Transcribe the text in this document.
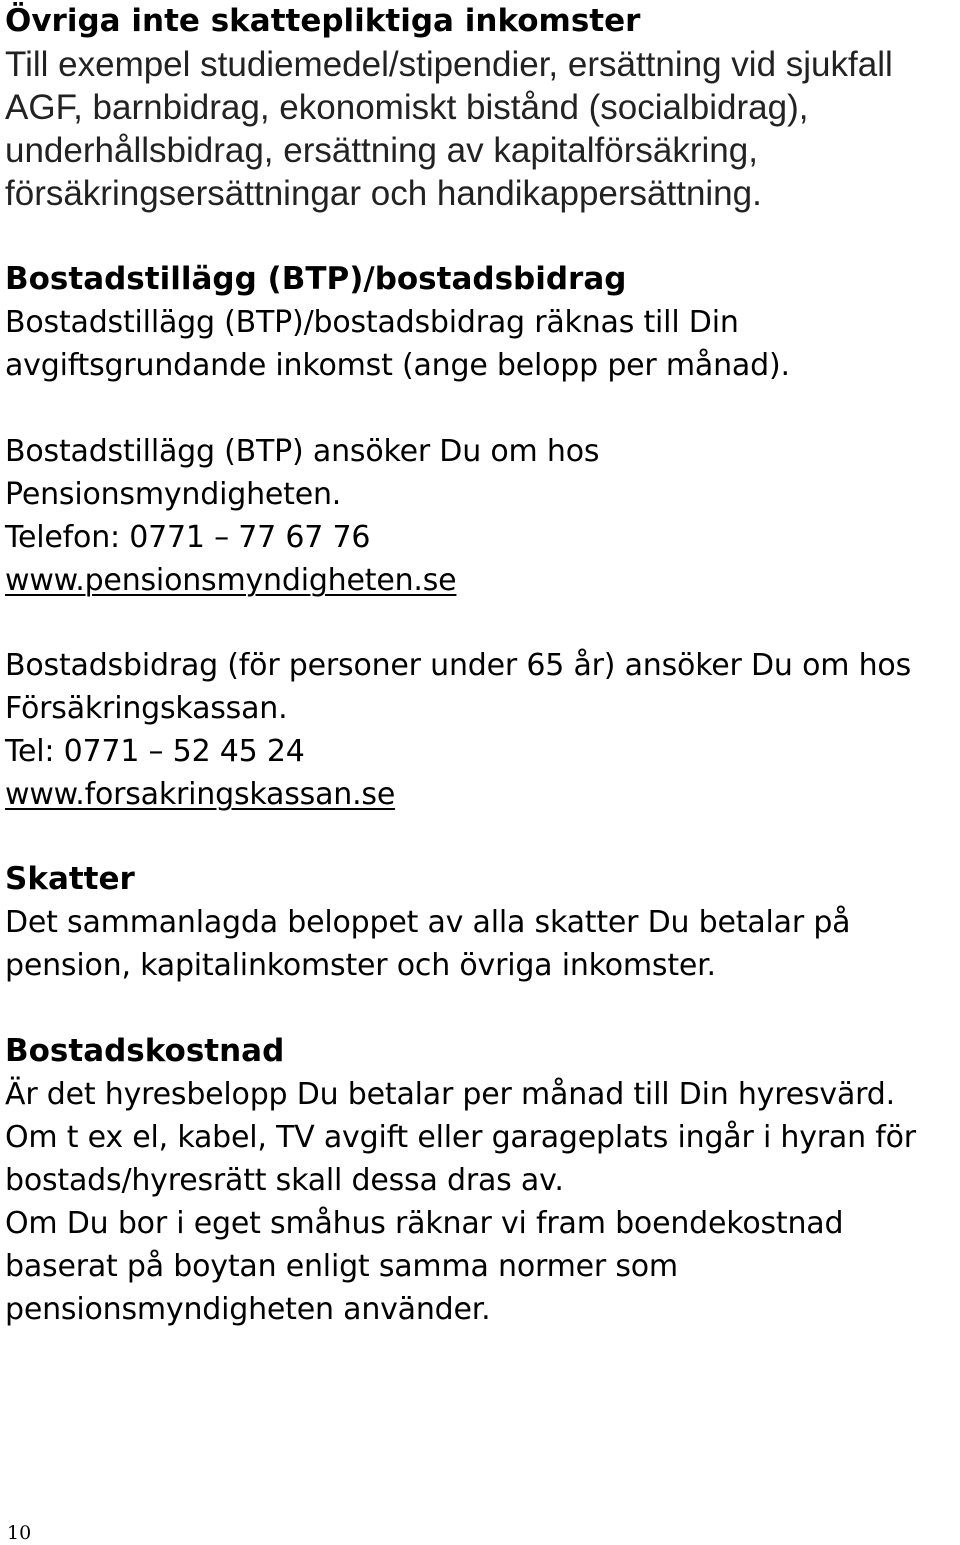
Övriga inte skattepliktiga inkomster
Till exempel studiemedel/stipendier, ersättning vid sjukfall
AGF, barnbidrag, ekonomiskt bistånd (socialbidrag),
underhållsbidrag, ersättning av kapitalförsäkring,
försäkringsersättningar och handikappersättning.
Bostadstillägg (BTP)/bostadsbidrag
Bostadstillägg (BTP)/bostadsbidrag räknas till Din
avgiftsgrundande inkomst (ange belopp per månad).
Bostadstillägg (BTP) ansöker Du om hos
Pensionsmyndigheten.
Telefon: 0771 – 77 67 76
www.pensionsmyndigheten.se
Bostadsbidrag (för personer under 65 år) ansöker Du om hos
Försäkringskassan.
Tel: 0771 – 52 45 24
www.forsakringskassan.se
Skatter
Det sammanlagda beloppet av alla skatter Du betalar på
pension, kapitalinkomster och övriga inkomster.
Bostadskostnad
Är det hyresbelopp Du betalar per månad till Din hyresvärd.
Om t ex el, kabel, TV avgift eller garageplats ingår i hyran för
bostads/hyresrätt skall dessa dras av.
Om Du bor i eget småhus räknar vi fram boendekostnad
baserat på boytan enligt samma normer som
pensionsmyndigheten använder.
10
